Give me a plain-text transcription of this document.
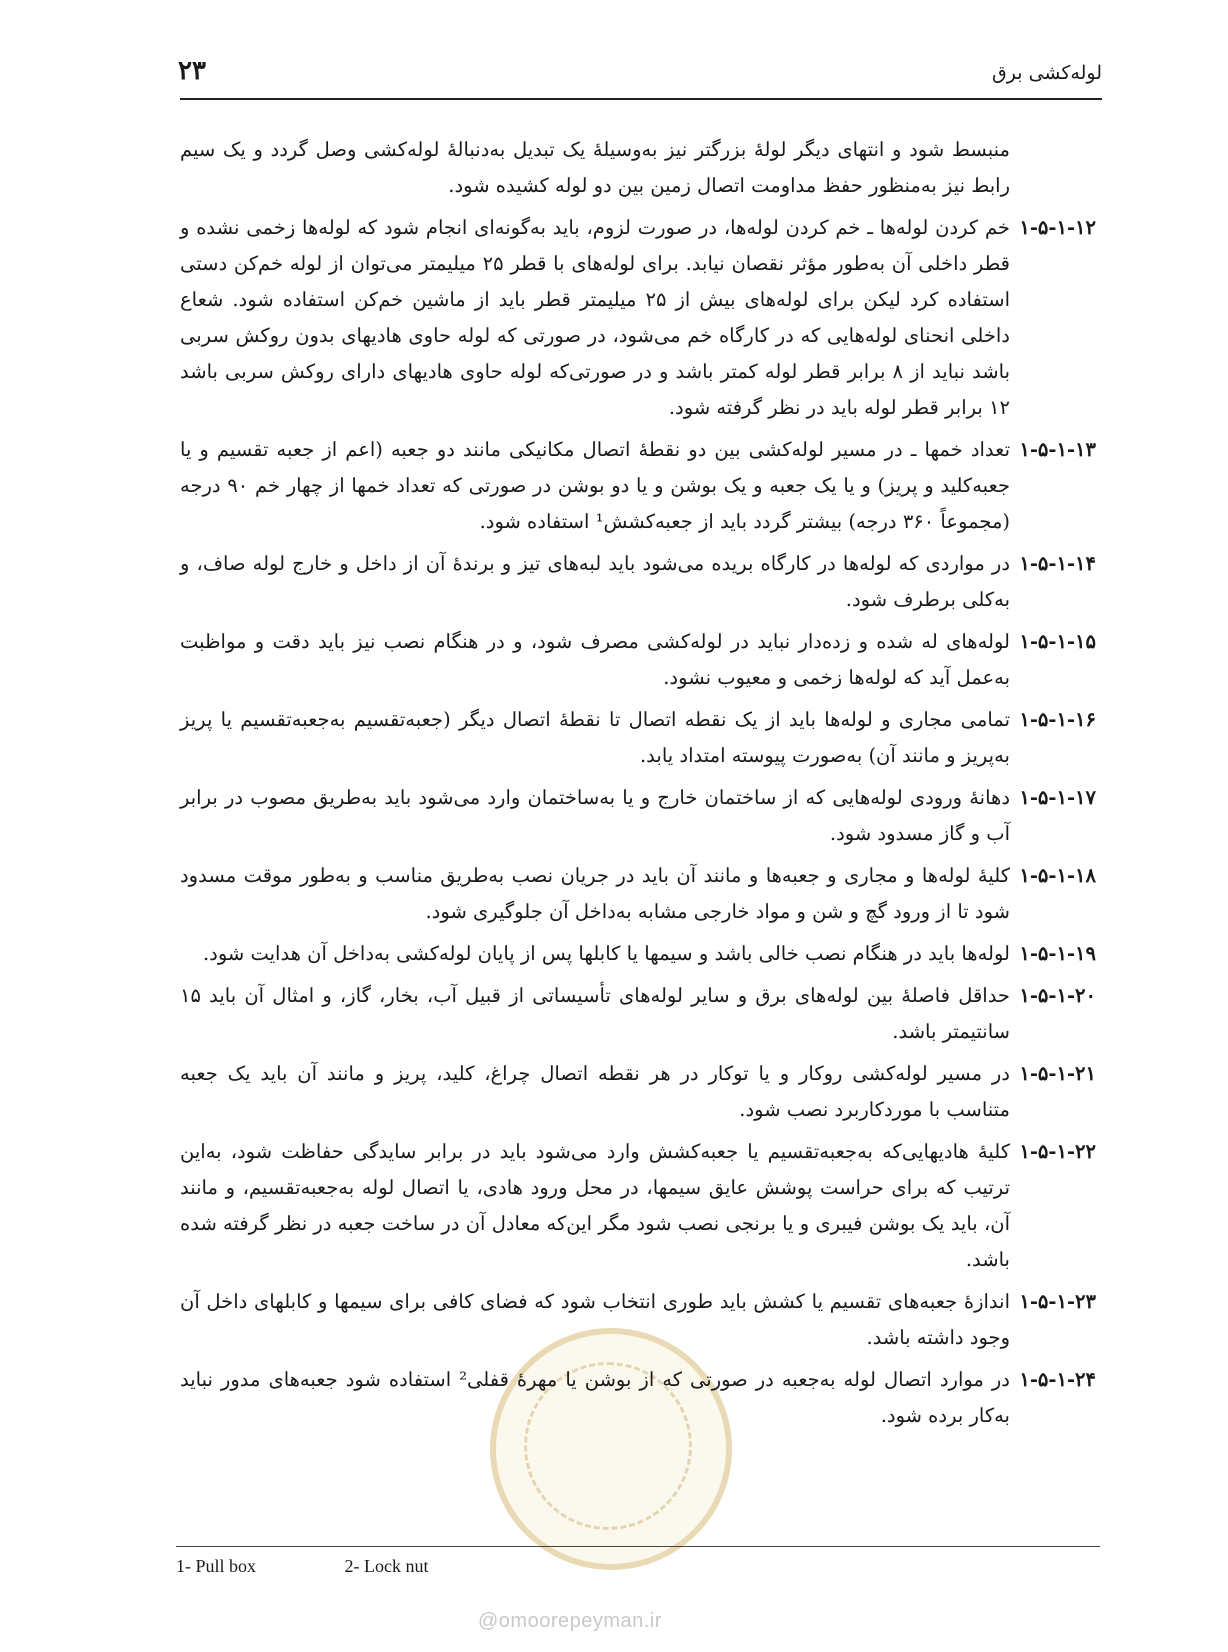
۲۳	لوله‌کشی برق

منبسط شود و انتهای دیگر لولهٔ بزرگتر نیز به‌وسیلهٔ یک تبدیل به‌دنبالهٔ لوله‌کشی وصل گردد و یک سیم رابط نیز به‌منظور حفظ مداومت اتصال زمین بین دو لوله کشیده شود.

۱-۵-۱-۱۲
خم کردن لوله‌ها ـ خم کردن لوله‌ها، در صورت لزوم، باید به‌گونه‌ای انجام شود که لوله‌ها زخمی نشده و قطر داخلی آن به‌طور مؤثر نقصان نیابد. برای لوله‌های با قطر ۲۵ میلیمتر می‌توان از لوله خم‌کن دستی استفاده کرد لیکن برای لوله‌های بیش از ۲۵ میلیمتر قطر باید از ماشین خم‌کن استفاده شود. شعاع داخلی انحنای لوله‌هایی که در کارگاه خم می‌شود، در صورتی که لوله حاوی هادیهای بدون روکش سربی باشد نباید از ۸ برابر قطر لوله کمتر باشد و در صورتی‌که لوله حاوی هادیهای دارای روکش سربی باشد ۱۲ برابر قطر لوله باید در نظر گرفته شود.

۱-۵-۱-۱۳
تعداد خمها ـ در مسیر لوله‌کشی بین دو نقطهٔ اتصال مکانیکی مانند دو جعبه (اعم از جعبه تقسیم و یا جعبه‌کلید و پریز) و یا یک جعبه و یک بوشن و یا دو بوشن در صورتی که تعداد خمها از چهار خم ۹۰ درجه (مجموعاً ۳۶۰ درجه) بیشتر گردد باید از جعبه‌کشش¹ استفاده شود.

۱-۵-۱-۱۴
در مواردی که لوله‌ها در کارگاه بریده می‌شود باید لبه‌های تیز و برندهٔ آن از داخل و خارج لوله صاف، و به‌کلی برطرف شود.

۱-۵-۱-۱۵
لوله‌های له شده و زده‌دار نباید در لوله‌کشی مصرف شود، و در هنگام نصب نیز باید دقت و مواظبت به‌عمل آید که لوله‌ها زخمی و معیوب نشود.

۱-۵-۱-۱۶
تمامی مجاری و لوله‌ها باید از یک نقطه اتصال تا نقطهٔ اتصال دیگر (جعبه‌تقسیم به‌جعبه‌تقسیم یا پریز به‌پریز و مانند آن) به‌صورت پیوسته امتداد یابد.

۱-۵-۱-۱۷
دهانهٔ ورودی لوله‌هایی که از ساختمان خارج و یا به‌ساختمان وارد می‌شود باید به‌طریق مصوب در برابر آب و گاز مسدود شود.

۱-۵-۱-۱۸
کلیهٔ لوله‌ها و مجاری و جعبه‌ها و مانند آن باید در جریان نصب به‌طریق مناسب و به‌طور موقت مسدود شود تا از ورود گچ و شن و مواد خارجی مشابه به‌داخل آن جلوگیری شود.

۱-۵-۱-۱۹
لوله‌ها باید در هنگام نصب خالی باشد و سیمها یا کابلها پس از پایان لوله‌کشی به‌داخل آن هدایت شود.

۱-۵-۱-۲۰
حداقل فاصلهٔ بین لوله‌های برق و سایر لوله‌های تأسیساتی از قبیل آب، بخار، گاز، و امثال آن باید ۱۵ سانتیمتر باشد.

۱-۵-۱-۲۱
در مسیر لوله‌کشی روکار و یا توکار در هر نقطه اتصال چراغ، کلید، پریز و مانند آن باید یک جعبه متناسب با موردکاربرد نصب شود.

۱-۵-۱-۲۲
کلیهٔ هادیهایی‌که به‌جعبه‌تقسیم یا جعبه‌کشش وارد می‌شود باید در برابر سایدگی حفاظت شود، به‌این ترتیب که برای حراست پوشش عایق سیمها، در محل ورود هادی، یا اتصال لوله به‌جعبه‌تقسیم، و مانند آن، باید یک بوشن فیبری و یا برنجی نصب شود مگر این‌که معادل آن در ساخت جعبه در نظر گرفته شده باشد.

۱-۵-۱-۲۳
اندازهٔ جعبه‌های تقسیم یا کشش باید طوری انتخاب شود که فضای کافی برای سیمها و کابلهای داخل آن وجود داشته باشد.

۱-۵-۱-۲۴
در موارد اتصال لوله به‌جعبه در صورتی که از بوشن یا مهرهٔ قفلی² استفاده شود جعبه‌های مدور نباید به‌کار برده شود.

1- Pull box	2- Lock nut
@omoorepeyman.ir
